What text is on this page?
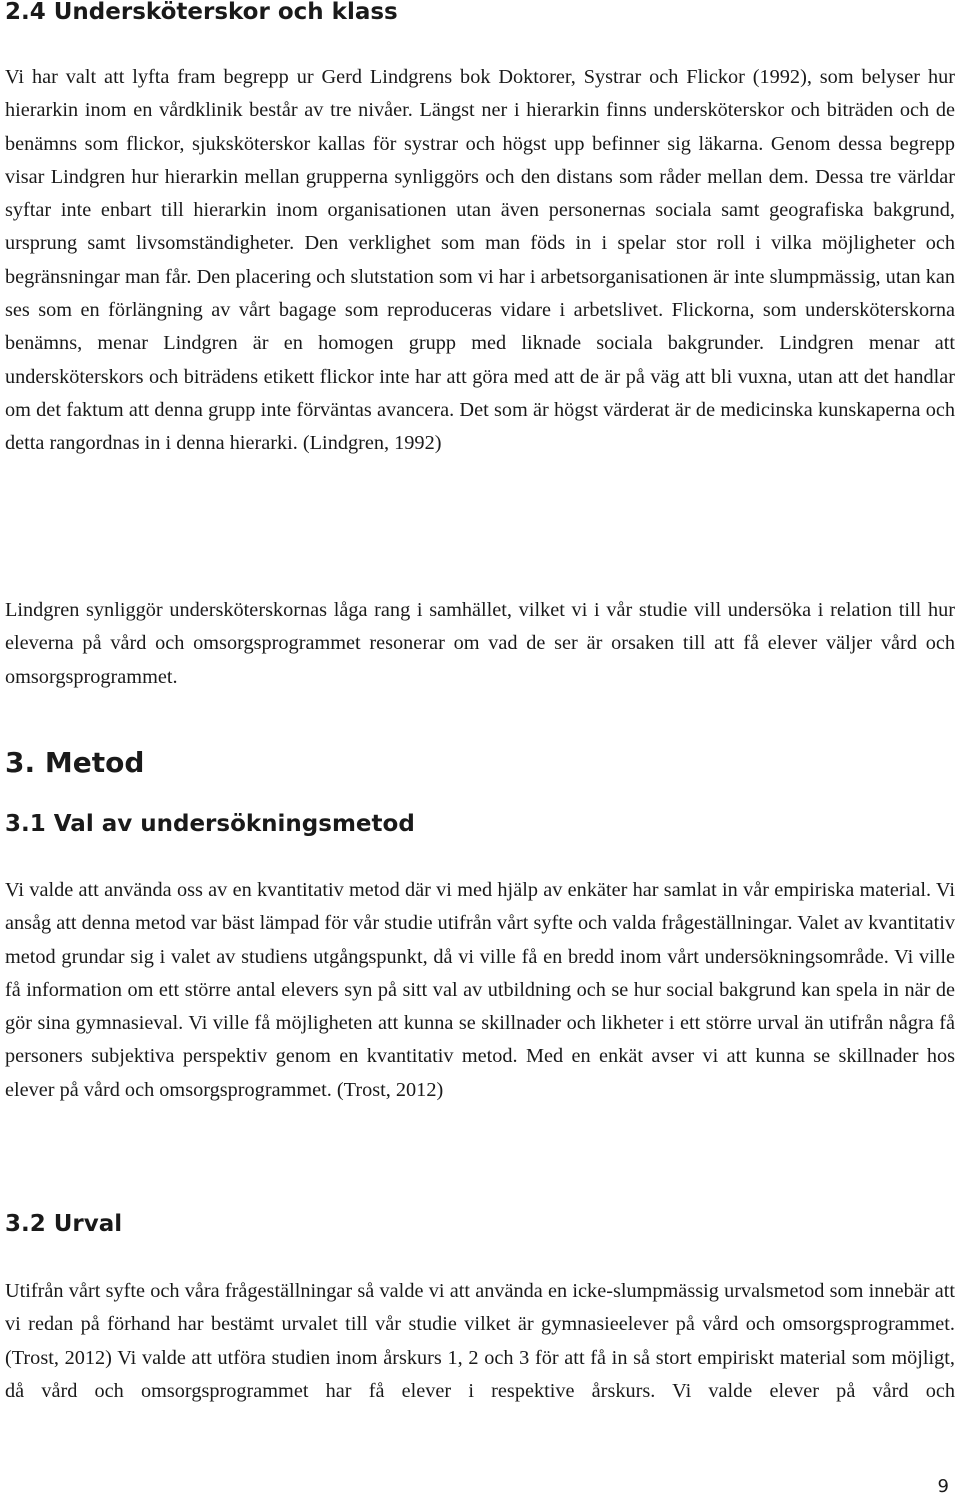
2.4 Undersköterskor och klass

Vi har valt att lyfta fram begrepp ur Gerd Lindgrens bok Doktorer, Systrar och Flickor (1992), som belyser hur hierarkin inom en vårdklinik består av tre nivåer. Längst ner i hierarkin finns undersköterskor och biträden och de benämns som flickor, sjuksköterskor kallas för systrar och högst upp befinner sig läkarna. Genom dessa begrepp visar Lindgren hur hierarkin mellan grupperna synliggörs och den distans som råder mellan dem. Dessa tre världar syftar inte enbart till hierarkin inom organisationen utan även personernas sociala samt geografiska bakgrund, ursprung samt livsomständigheter. Den verklighet som man föds in i spelar stor roll i vilka möjligheter och begränsningar man får. Den placering och slutstation som vi har i arbetsorganisationen är inte slumpmässig, utan kan ses som en förlängning av vårt bagage som reproduceras vidare i arbetslivet. Flickorna, som undersköterskorna benämns, menar Lindgren är en homogen grupp med liknade sociala bakgrunder. Lindgren menar att undersköterskors och biträdens etikett flickor inte har att göra med att de är på väg att bli vuxna, utan att det handlar om det faktum att denna grupp inte förväntas avancera. Det som är högst värderat är de medicinska kunskaperna och detta rangordnas in i denna hierarki. (Lindgren, 1992)

Lindgren synliggör undersköterskornas låga rang i samhället, vilket vi i vår studie vill undersöka i relation till hur eleverna på vård och omsorgsprogrammet resonerar om vad de ser är orsaken till att få elever väljer vård och omsorgsprogrammet.

3. Metod
3.1 Val av undersökningsmetod

Vi valde att använda oss av en kvantitativ metod där vi med hjälp av enkäter har samlat in vår empiriska material. Vi ansåg att denna metod var bäst lämpad för vår studie utifrån vårt syfte och valda frågeställningar. Valet av kvantitativ metod grundar sig i valet av studiens utgångspunkt, då vi ville få en bredd inom vårt undersökningsområde. Vi ville få information om ett större antal elevers syn på sitt val av utbildning och se hur social bakgrund kan spela in när de gör sina gymnasieval. Vi ville få möjligheten att kunna se skillnader och likheter i ett större urval än utifrån några få personers subjektiva perspektiv genom en kvantitativ metod. Med en enkät avser vi att kunna se skillnader hos elever på vård och omsorgsprogrammet. (Trost, 2012)

3.2 Urval

Utifrån vårt syfte och våra frågeställningar så valde vi att använda en icke-slumpmässig urvalsmetod som innebär att vi redan på förhand har bestämt urvalet till vår studie vilket är gymnasieelever på vård och omsorgsprogrammet. (Trost, 2012) Vi valde att utföra studien inom årskurs 1, 2 och 3 för att få in så stort empiriskt material som möjligt, då vård och omsorgsprogrammet har få elever i respektive årskurs. Vi valde elever på vård och

9
